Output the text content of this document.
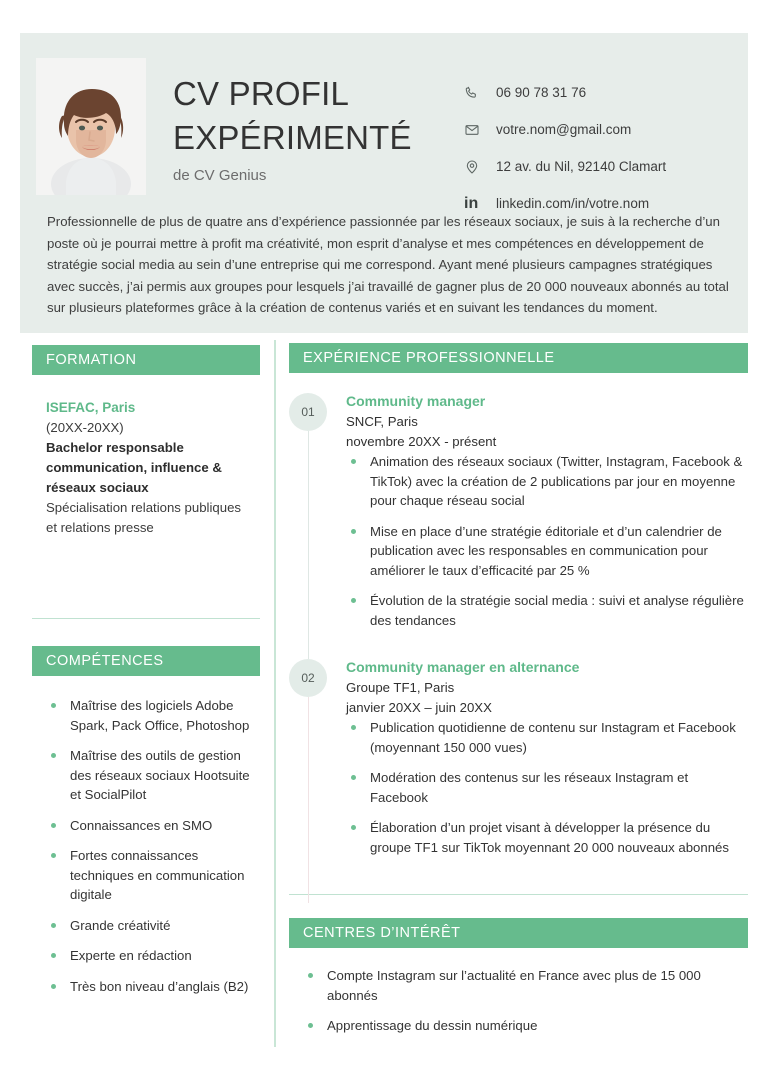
CV PROFIL
EXPÉRIMENTÉ
de CV Genius
06 90 78 31 76
votre.nom@gmail.com
12 av. du Nil, 92140 Clamart
in linkedin.com/in/votre.nom
Professionnelle de plus de quatre ans d’expérience passionnée par les réseaux sociaux, je suis à la recherche d’un poste où je pourrai mettre à profit ma créativité, mon esprit d’analyse et mes compétences en développement de stratégie social media au sein d’une entreprise qui me correspond. Ayant mené plusieurs campagnes stratégiques avec succès, j’ai permis aux groupes pour lesquels j’ai travaillé de gagner plus de 20 000 nouveaux abonnés au total sur plusieurs plateformes grâce à la création de contenus variés et en suivant les tendances du moment.
FORMATION
ISEFAC, Paris
(20XX-20XX)
Bachelor responsable
communication, influence &
réseaux sociaux
Spécialisation relations publiques
et relations presse
COMPÉTENCES
Maîtrise des logiciels Adobe Spark, Pack Office, Photoshop
Maîtrise des outils de gestion des réseaux sociaux Hootsuite et SocialPilot
Connaissances en SMO
Fortes connaissances techniques en communication digitale
Grande créativité
Experte en rédaction
Très bon niveau d’anglais (B2)
EXPÉRIENCE PROFESSIONNELLE
01
Community manager
SNCF, Paris
novembre 20XX - présent
Animation des réseaux sociaux (Twitter, Instagram, Facebook & TikTok) avec la création de 2 publications par jour en moyenne pour chaque réseau social
Mise en place d’une stratégie éditoriale et d’un calendrier de publication avec les responsables en communication pour améliorer le taux d’efficacité par 25 %
Évolution de la stratégie social media : suivi et analyse régulière des tendances
02
Community manager en alternance
Groupe TF1, Paris
janvier 20XX – juin 20XX
Publication quotidienne de contenu sur Instagram et Facebook (moyennant 150 000 vues)
Modération des contenus sur les réseaux Instagram et Facebook
Élaboration d’un projet visant à développer la présence du groupe TF1 sur TikTok moyennant 20 000 nouveaux abonnés
CENTRES D’INTÉRÊT
Compte Instagram sur l’actualité en France avec plus de 15 000 abonnés
Apprentissage du dessin numérique
